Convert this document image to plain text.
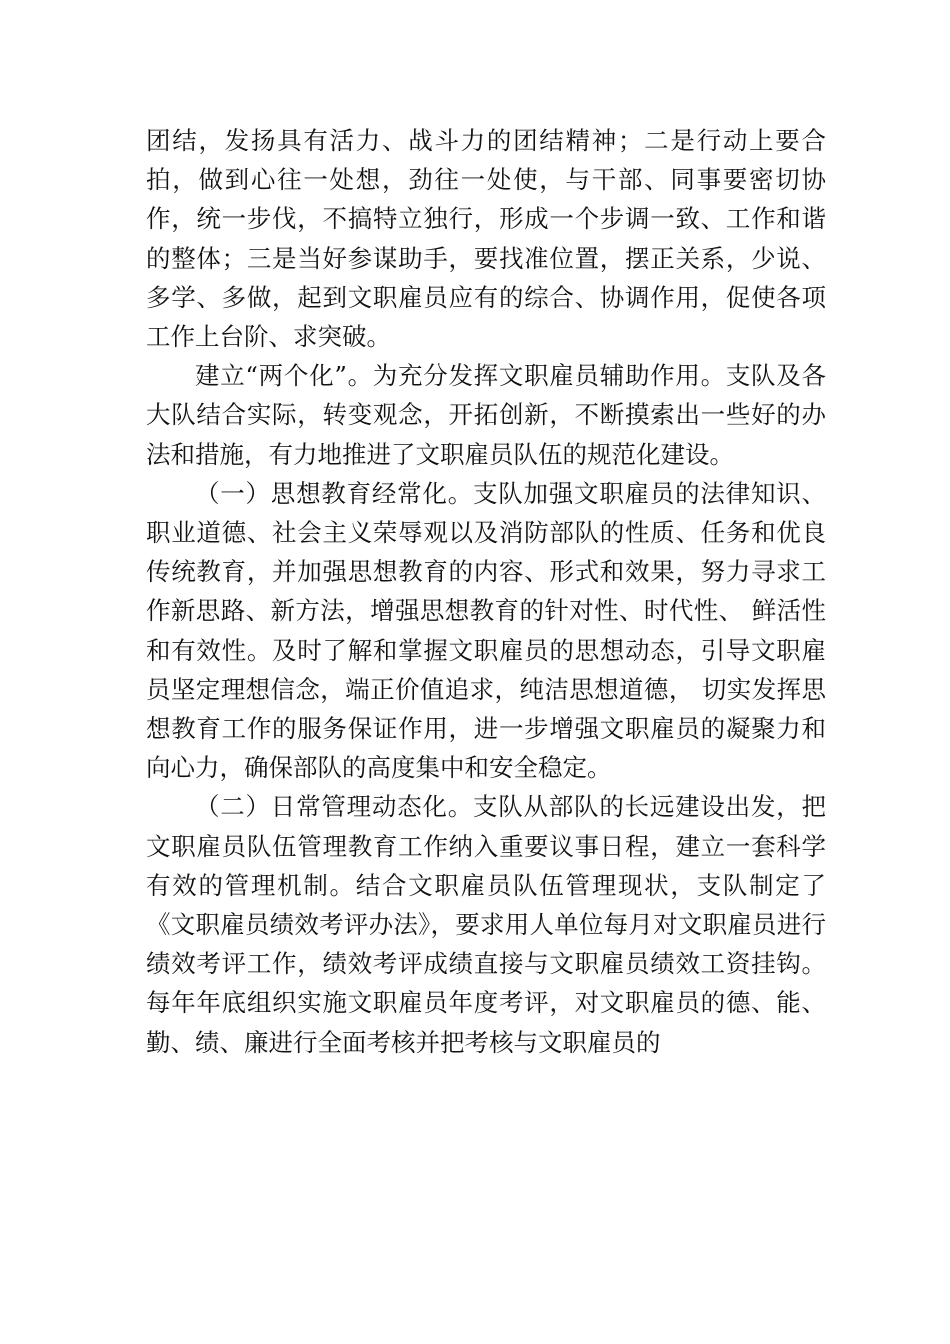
团结，发扬具有活力、战斗力的团结精神；二是行动上要合拍，做到心往一处想，劲往一处使，与干部、同事要密切协作，统一步伐，不搞特立独行，形成一个步调一致、工作和谐的整体；三是当好参谋助手，要找准位置，摆正关系，少说、多学、多做，起到文职雇员应有的综合、协调作用，促使各项工作上台阶、求突破。

建立“两个化”。为充分发挥文职雇员辅助作用。支队及各大队结合实际，转变观念，开拓创新，不断摸索出一些好的办法和措施，有力地推进了文职雇员队伍的规范化建设。

（一）思想教育经常化。支队加强文职雇员的法律知识、职业道德、社会主义荣辱观以及消防部队的性质、任务和优良传统教育，并加强思想教育的内容、形式和效果，努力寻求工作新思路、新方法，增强思想教育的针对性、时代性、 鲜活性和有效性。及时了解和掌握文职雇员的思想动态，引导文职雇员坚定理想信念，端正价值追求，纯洁思想道德， 切实发挥思想教育工作的服务保证作用，进一步增强文职雇员的凝聚力和向心力，确保部队的高度集中和安全稳定。

（二）日常管理动态化。支队从部队的长远建设出发，把文职雇员队伍管理教育工作纳入重要议事日程，建立一套科学有效的管理机制。结合文职雇员队伍管理现状，支队制定了《文职雇员绩效考评办法》，要求用人单位每月对文职雇员进行绩效考评工作，绩效考评成绩直接与文职雇员绩效工资挂钩。每年年底组织实施文职雇员年度考评，对文职雇员的德、能、勤、绩、廉进行全面考核并把考核与文职雇员的
